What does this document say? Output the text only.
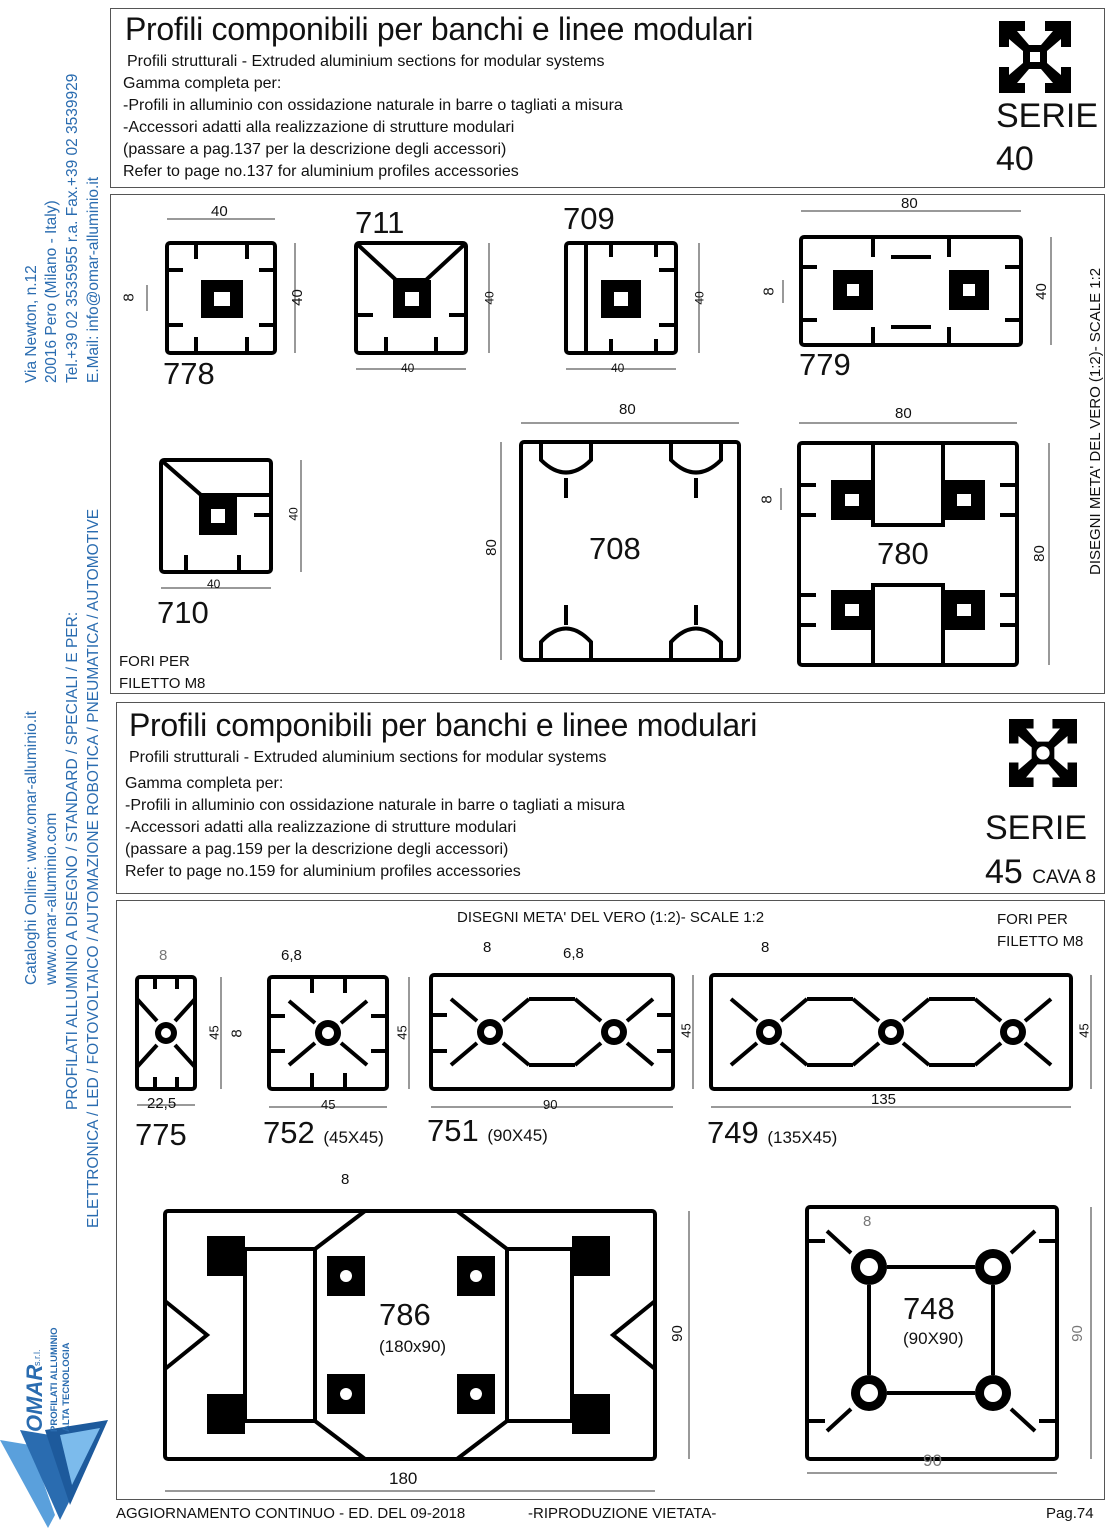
Via Newton, n.12 20016 Pero (Milano - Italy) Tel.+39 02 3535955 r.a. Fax.+39 02 3539929 E.Mail: info@omar-alluminio.it
Cataloghi Online: www.omar-alluminio.it www.omar-alluminio.com PROFILATI ALLUMINIO A DISEGNO / STANDARD / SPECIALI / E PER: ELETTRONICA / LED / FOTOVOLTAICO / AUTOMAZIONE ROBOTICA / PNEUMATICA / AUTOMOTIVE
OMAR
s.r.l. PROFILATI ALLUMINIO ALTA TECNOLOGIA
Profili componibili per banchi e linee modulari
Profili strutturali - Extruded aluminium sections for modular systems
Gamma completa per:
-Profili in alluminio con ossidazione naturale in barre o tagliati a misura
-Accessori adatti alla realizzazione di strutture modulari
(passare a pag.137 per la descrizione degli accessori)
Refer to page no.137 for aluminium profiles accessories
SERIE
40
40
40
8
40
40
40
40
80
40
8
40
40
80
80
80
80
8
778
711	709
779
710
708	780
FORI PER
FILETTO M8
DISEGNI META' DEL VERO (1:2)- SCALE 1:2
Profili componibili per banchi e linee modulari
Profili strutturali - Extruded aluminium sections for modular systems
Gamma completa per:
-Profili in alluminio con ossidazione naturale in barre o tagliati a misura
-Accessori adatti alla realizzazione di strutture modulari
(passare a pag.159 per la descrizione degli accessori)
Refer to page no.159 for aluminium profiles accessories
SERIE
45 CAVA 8
DISEGNI META' DEL VERO (1:2)- SCALE 1:2	FORI PER
FILETTO M8
8
45
22,5
6,8
8	45
45
8	6,8
45
90
8
45
135
8
90
180
8
90
90
775 752 (45X45) 751 (90X45)	749 (135X45)
786
(180x90)
748
(90X90)
AGGIORNAMENTO CONTINUO - ED. DEL 09-2018	-RIPRODUZIONE VIETATA-	Pag.74
